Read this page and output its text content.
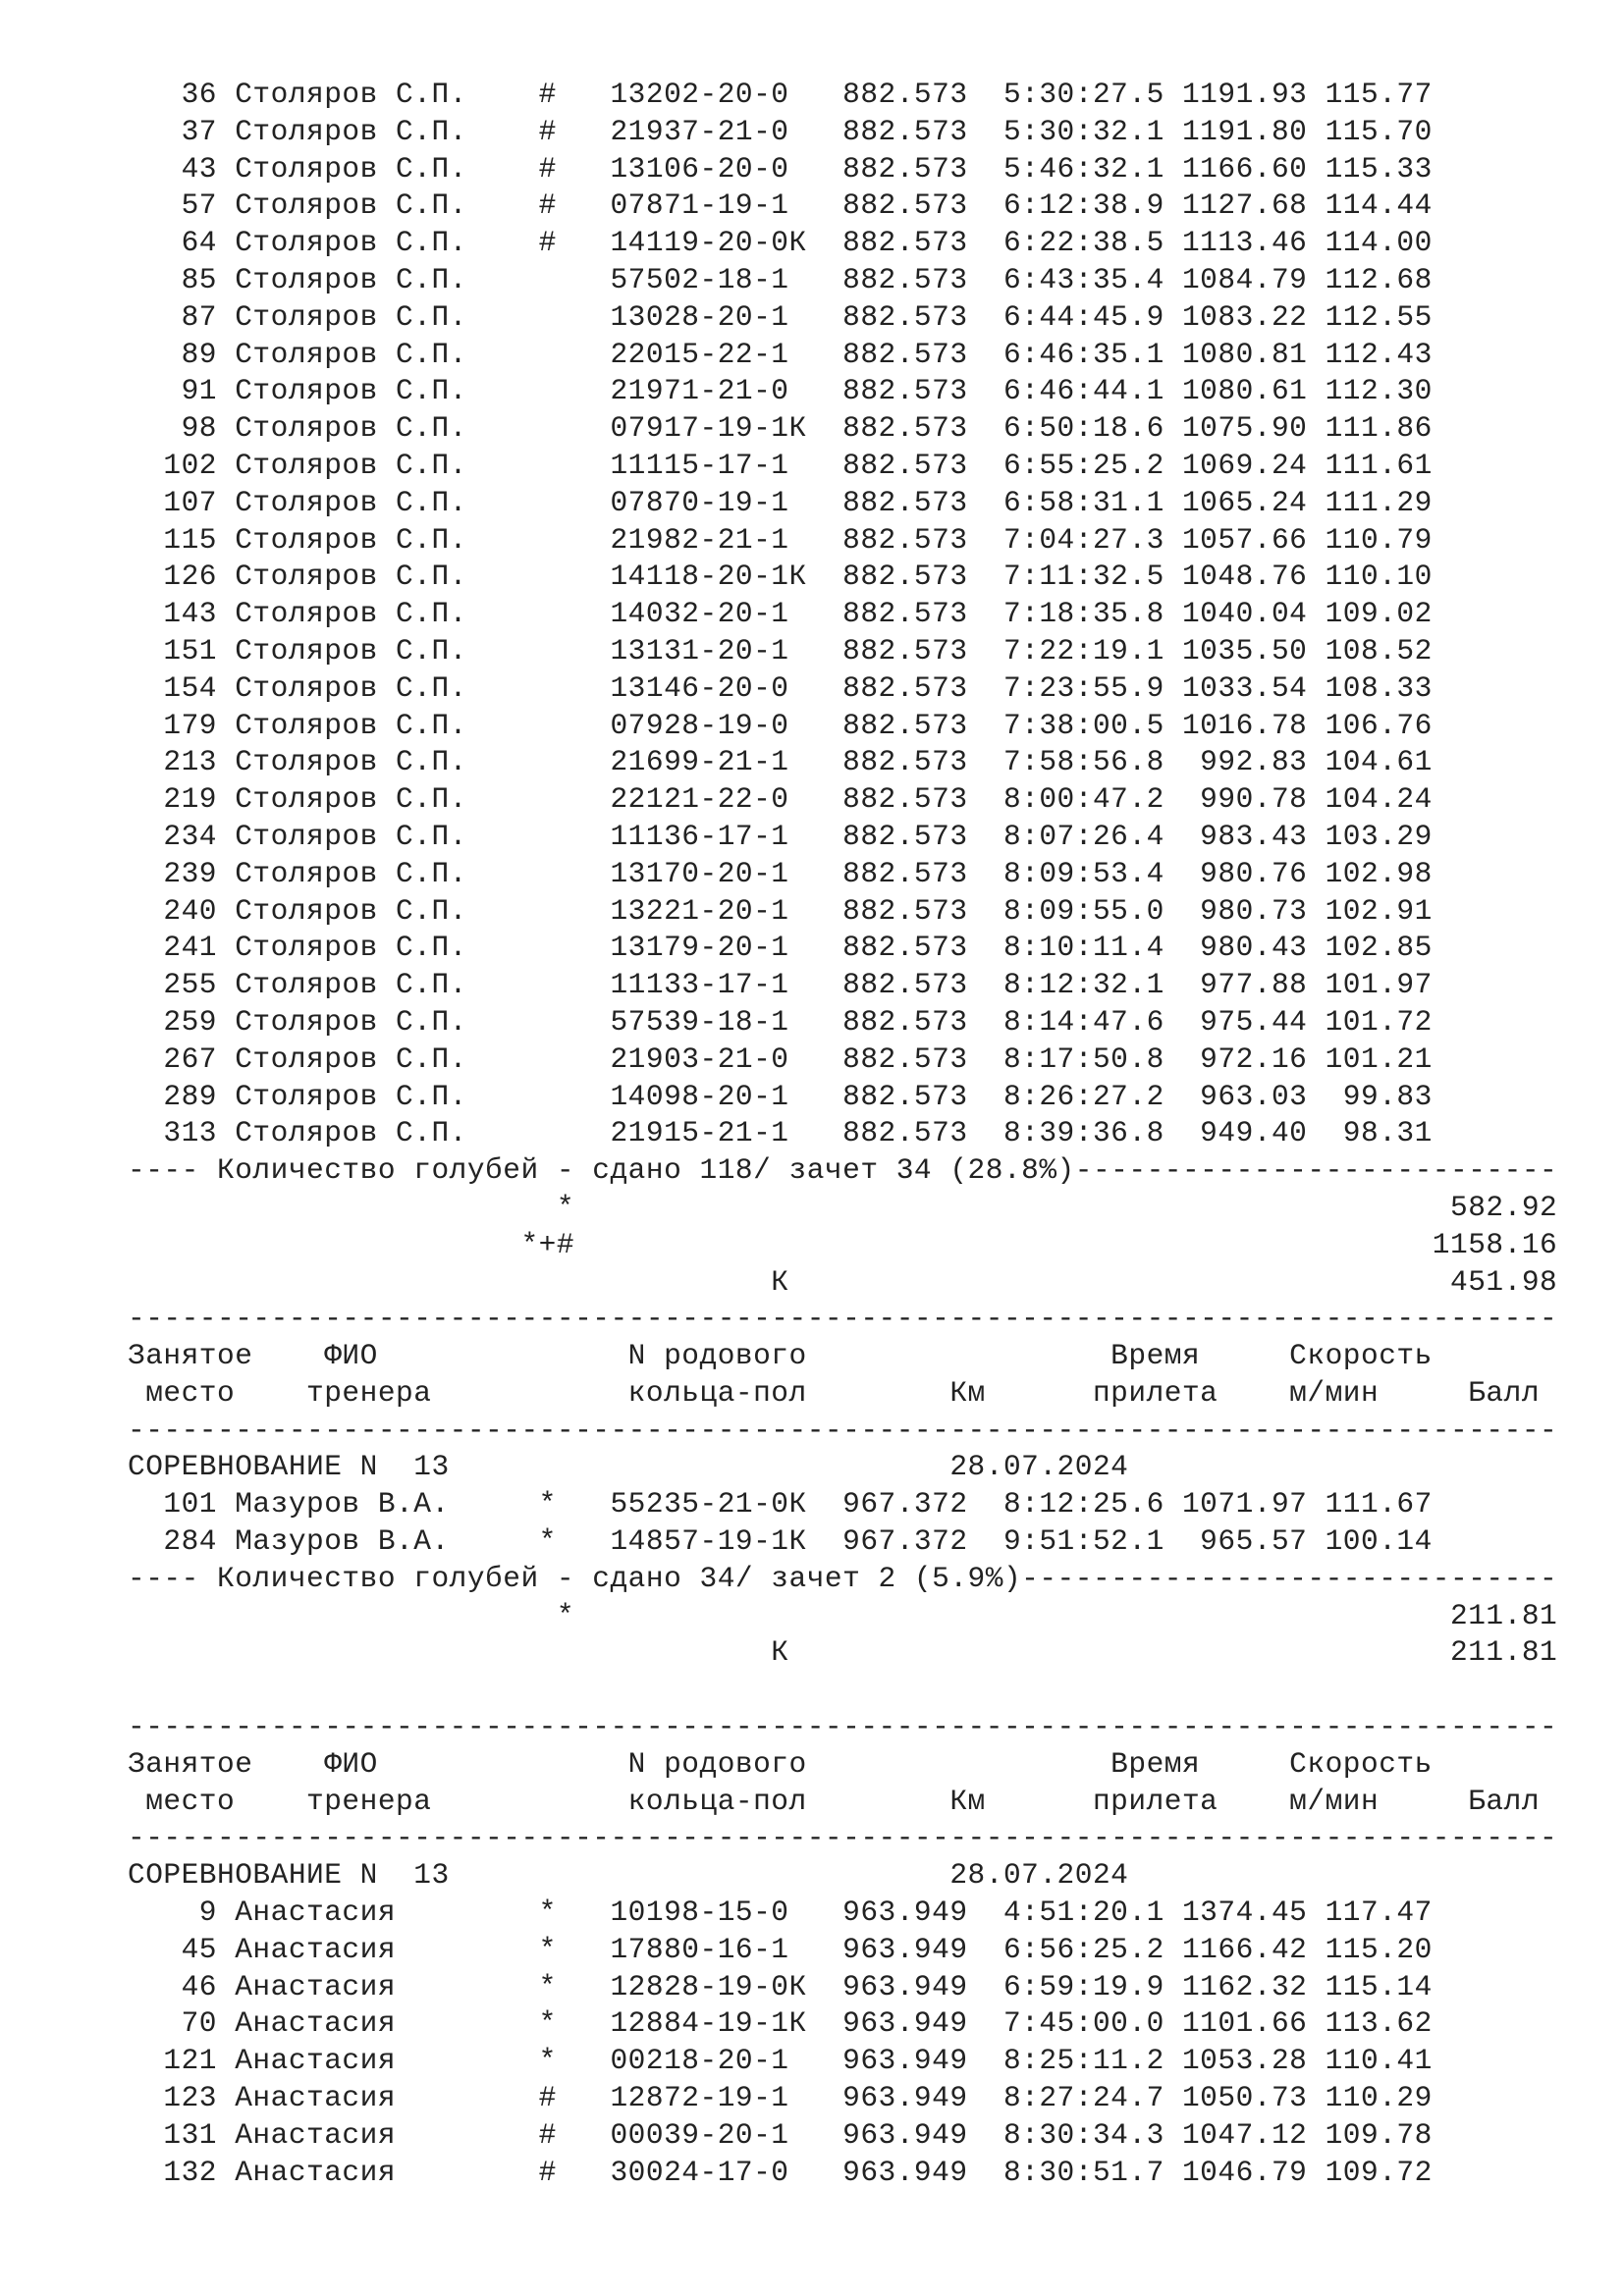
36 Столяров С.П.    #   13202-20-0   882.573  5:30:27.5 1191.93 115.77
37 Столяров С.П.    #   21937-21-0   882.573  5:30:32.1 1191.80 115.70
43 Столяров С.П.    #   13106-20-0   882.573  5:46:32.1 1166.60 115.33
57 Столяров С.П.    #   07871-19-1   882.573  6:12:38.9 1127.68 114.44
64 Столяров С.П.    #   14119-20-0К  882.573  6:22:38.5 1113.46 114.00
85 Столяров С.П.        57502-18-1   882.573  6:43:35.4 1084.79 112.68
87 Столяров С.П.        13028-20-1   882.573  6:44:45.9 1083.22 112.55
89 Столяров С.П.        22015-22-1   882.573  6:46:35.1 1080.81 112.43
91 Столяров С.П.        21971-21-0   882.573  6:46:44.1 1080.61 112.30
98 Столяров С.П.        07917-19-1К  882.573  6:50:18.6 1075.90 111.86
102 Столяров С.П.        11115-17-1   882.573  6:55:25.2 1069.24 111.61
107 Столяров С.П.        07870-19-1   882.573  6:58:31.1 1065.24 111.29
115 Столяров С.П.        21982-21-1   882.573  7:04:27.3 1057.66 110.79
126 Столяров С.П.        14118-20-1К  882.573  7:11:32.5 1048.76 110.10
143 Столяров С.П.        14032-20-1   882.573  7:18:35.8 1040.04 109.02
151 Столяров С.П.        13131-20-1   882.573  7:22:19.1 1035.50 108.52
154 Столяров С.П.        13146-20-0   882.573  7:23:55.9 1033.54 108.33
179 Столяров С.П.        07928-19-0   882.573  7:38:00.5 1016.78 106.76
213 Столяров С.П.        21699-21-1   882.573  7:58:56.8  992.83 104.61
219 Столяров С.П.        22121-22-0   882.573  8:00:47.2  990.78 104.24
234 Столяров С.П.        11136-17-1   882.573  8:07:26.4  983.43 103.29
239 Столяров С.П.        13170-20-1   882.573  8:09:53.4  980.76 102.98
240 Столяров С.П.        13221-20-1   882.573  8:09:55.0  980.73 102.91
241 Столяров С.П.        13179-20-1   882.573  8:10:11.4  980.43 102.85
255 Столяров С.П.        11133-17-1   882.573  8:12:32.1  977.88 101.97
259 Столяров С.П.        57539-18-1   882.573  8:14:47.6  975.44 101.72
267 Столяров С.П.        21903-21-0   882.573  8:17:50.8  972.16 101.21
289 Столяров С.П.        14098-20-1   882.573  8:26:27.2  963.03  99.83
313 Столяров С.П.        21915-21-1   882.573  8:39:36.8  949.40  98.31
---- Количество голубей - сдано 118/ зачет 34 (28.8%)---------------------------
*                                                 582.92
*+#                                                1158.16
К                                     451.98
--------------------------------------------------------------------------------
Занятое    ФИО              N родового                 Время     Скорость
место    тренера           кольца-пол        Км      прилета    м/мин     Балл
--------------------------------------------------------------------------------
СОРЕВНОВАНИЕ N  13                            28.07.2024
101 Мазуров В.А.     *   55235-21-0К  967.372  8:12:25.6 1071.97 111.67
284 Мазуров В.А.     *   14857-19-1К  967.372  9:51:52.1  965.57 100.14
---- Количество голубей - сдано 34/ зачет 2 (5.9%)------------------------------
*                                                 211.81
К                                     211.81
--------------------------------------------------------------------------------
Занятое    ФИО              N родового                 Время     Скорость
место    тренера           кольца-пол        Км      прилета    м/мин     Балл
--------------------------------------------------------------------------------
СОРЕВНОВАНИЕ N  13                            28.07.2024
9 Анастасия        *   10198-15-0   963.949  4:51:20.1 1374.45 117.47
45 Анастасия        *   17880-16-1   963.949  6:56:25.2 1166.42 115.20
46 Анастасия        *   12828-19-0К  963.949  6:59:19.9 1162.32 115.14
70 Анастасия        *   12884-19-1К  963.949  7:45:00.0 1101.66 113.62
121 Анастасия        *   00218-20-1   963.949  8:25:11.2 1053.28 110.41
123 Анастасия        #   12872-19-1   963.949  8:27:24.7 1050.73 110.29
131 Анастасия        #   00039-20-1   963.949  8:30:34.3 1047.12 109.78
132 Анастасия        #   30024-17-0   963.949  8:30:51.7 1046.79 109.72
